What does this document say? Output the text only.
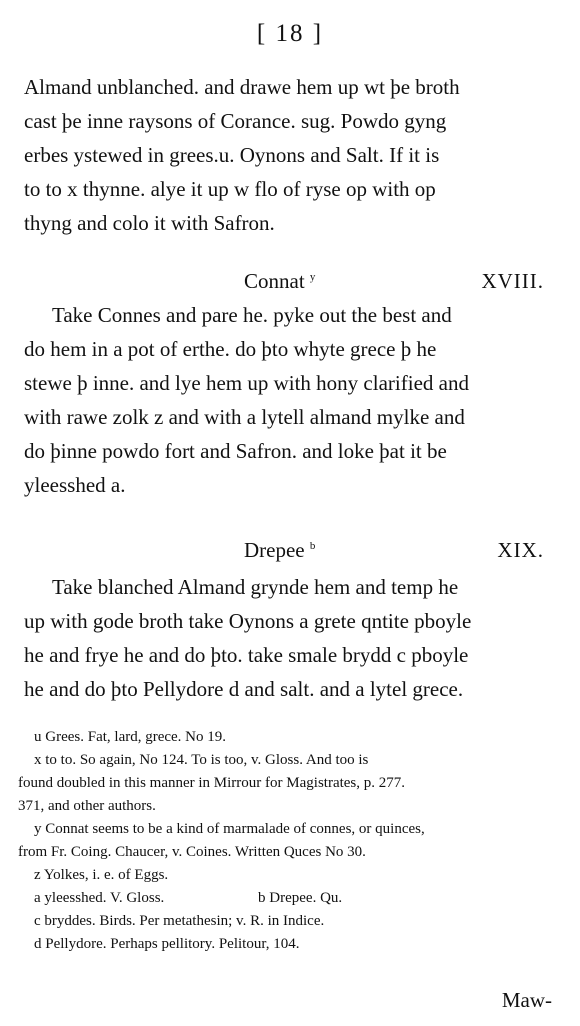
[ 18 ]
Almand unblanched. and drawe hem up wt þe broth
cast þe inne raysons of Corance. sug. Powdo gyng
erbes ystewed in grees.u. Oynons and Salt. If it is
to to x thynne. alye it up w flo of ryse op with op
thyng and colo it with Safron.
Connat $^y$	XVIII.
Take Connes and pare he. pyke out the best and
do hem in a pot of erthe. do þto whyte grece þ he
stewe þ inne. and lye hem up with hony clarified and
with rawe zolk z and with a lytell almand mylke and
do þinne powdo fort and Safron. and loke þat it be
yleesshed a.
Drepee $^b$	XIX.
Take blanched Almand grynde hem and temp he
up with gode broth take Oynons a grete qntite pboyle
he and frye he and do þto. take smale brydd c pboyle
he and do þto Pellydore d and salt. and a lytel grece.
u Grees. Fat, lard, grece. No 19.
x to to. So again, No 124. To is too, v. Gloss. And too is
found doubled in this manner in Mirrour for Magistrates, p. 277.
371, and other authors.
y Connat seems to be a kind of marmalade of connes, or quinces,
from Fr. Coing. Chaucer, v. Coines. Written Quces No 30.
z Yolkes, i. e. of Eggs.
a yleesshed. V. Gloss.                         b Drepee. Qu.
c bryddes. Birds. Per metathesin; v. R. in Indice.
d Pellydore. Perhaps pellitory. Pelitour, 104.
Maw-
